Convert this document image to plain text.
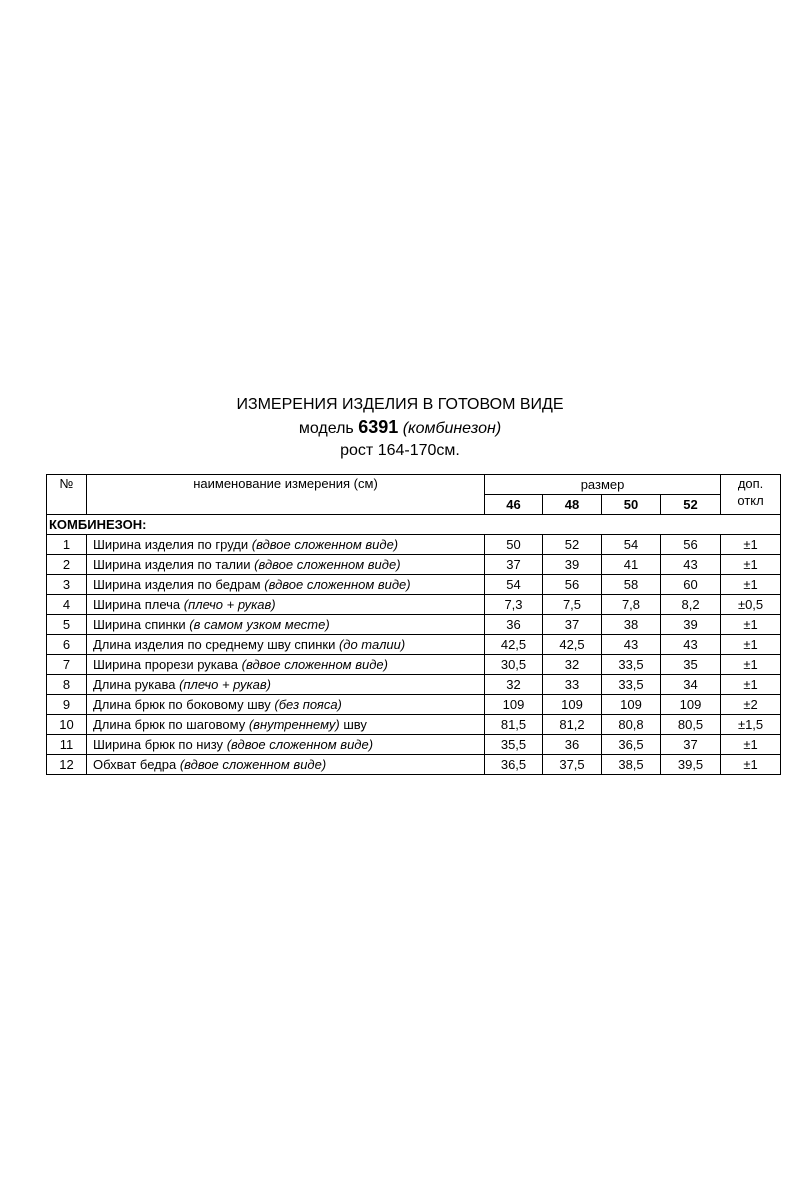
ИЗМЕРЕНИЯ ИЗДЕЛИЯ В ГОТОВОМ ВИДЕ
модель 6391 (комбинезон)
рост 164-170см.
№	наименование измерения (см)	размер				доп. откл
		46	48	50	52	
КОМБИНЕЗОН:						
1	Ширина изделия по груди (вдвое сложенном виде)	50	52	54	56	±1
2	Ширина изделия по талии (вдвое сложенном виде)	37	39	41	43	±1
3	Ширина изделия по бедрам (вдвое сложенном виде)	54	56	58	60	±1
4	Ширина плеча (плечо + рукав)	7,3	7,5	7,8	8,2	±0,5
5	Ширина спинки (в самом узком месте)	36	37	38	39	±1
6	Длина изделия по среднему шву спинки (до талии)	42,5	42,5	43	43	±1
7	Ширина прорези рукава (вдвое сложенном виде)	30,5	32	33,5	35	±1
8	Длина рукава (плечо + рукав)	32	33	33,5	34	±1
9	Длина брюк по боковому шву (без пояса)	109	109	109	109	±2
10	Длина брюк по шаговому (внутреннему) шву	81,5	81,2	80,8	80,5	±1,5
11	Ширина брюк по низу (вдвое сложенном виде)	35,5	36	36,5	37	±1
12	Обхват бедра (вдвое сложенном виде)	36,5	37,5	38,5	39,5	±1
